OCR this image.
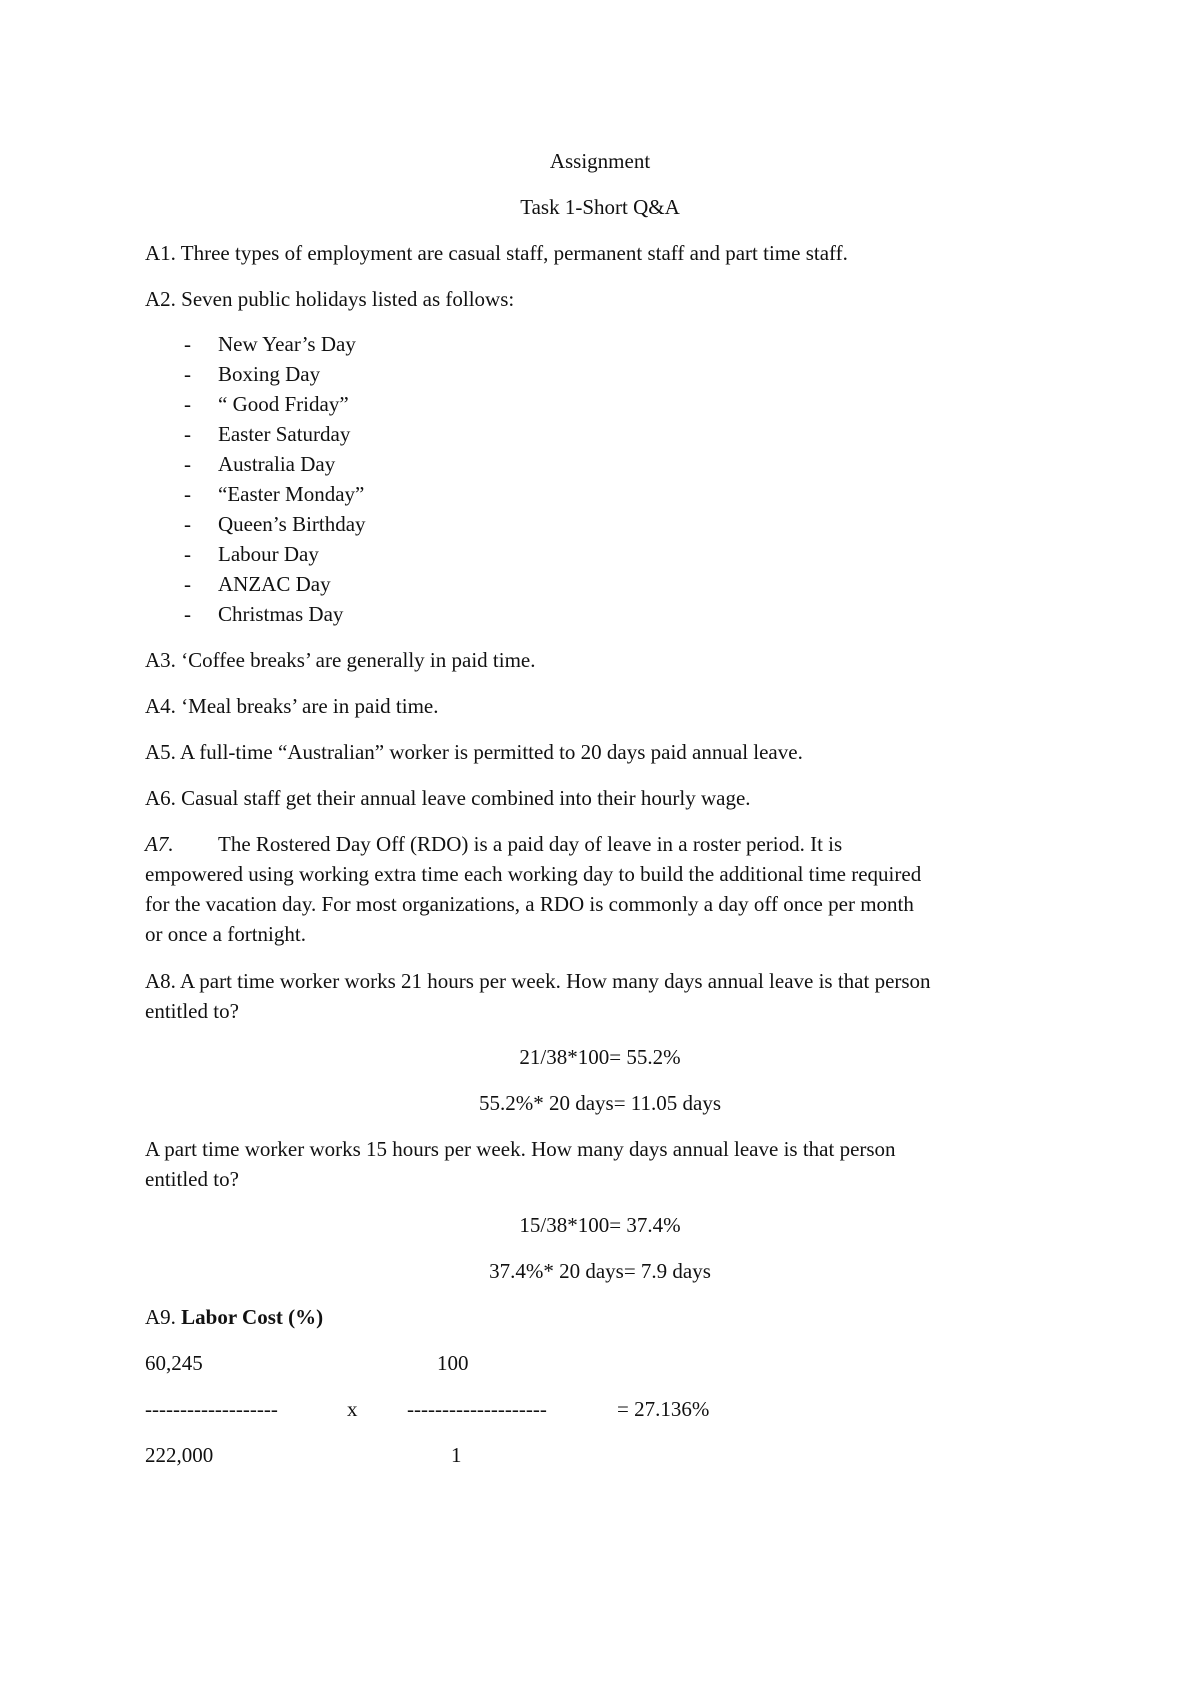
Assignment
Task 1-Short Q&A
A1. Three types of employment are casual staff, permanent staff and part time staff.
A2. Seven public holidays listed as follows:
- New Year’s Day
- Boxing Day
- “ Good Friday”
- Easter Saturday
- Australia Day
- “Easter Monday”
- Queen’s Birthday
- Labour Day
- ANZAC Day
- Christmas Day
A3. ‘Coffee breaks’ are generally in paid time.
A4. ‘Meal breaks’ are in paid time.
A5. A full-time “Australian” worker is permitted to 20 days paid annual leave.
A6. Casual staff get their annual leave combined into their hourly wage.
A7. The Rostered Day Off (RDO) is a paid day of leave in a roster period. It is
empowered using working extra time each working day to build the additional time required
for the vacation day. For most organizations, a RDO is commonly a day off once per month
or once a fortnight.
A8. A part time worker works 21 hours per week. How many days annual leave is that person
entitled to?
21/38*100= 55.2%
55.2%* 20 days= 11.05 days
A part time worker works 15 hours per week. How many days annual leave is that person
entitled to?
15/38*100= 37.4%
37.4%* 20 days= 7.9 days
A9. Labor Cost (%)
60,245	100
-------------------	x --------------------	= 27.136%
222,000	1
